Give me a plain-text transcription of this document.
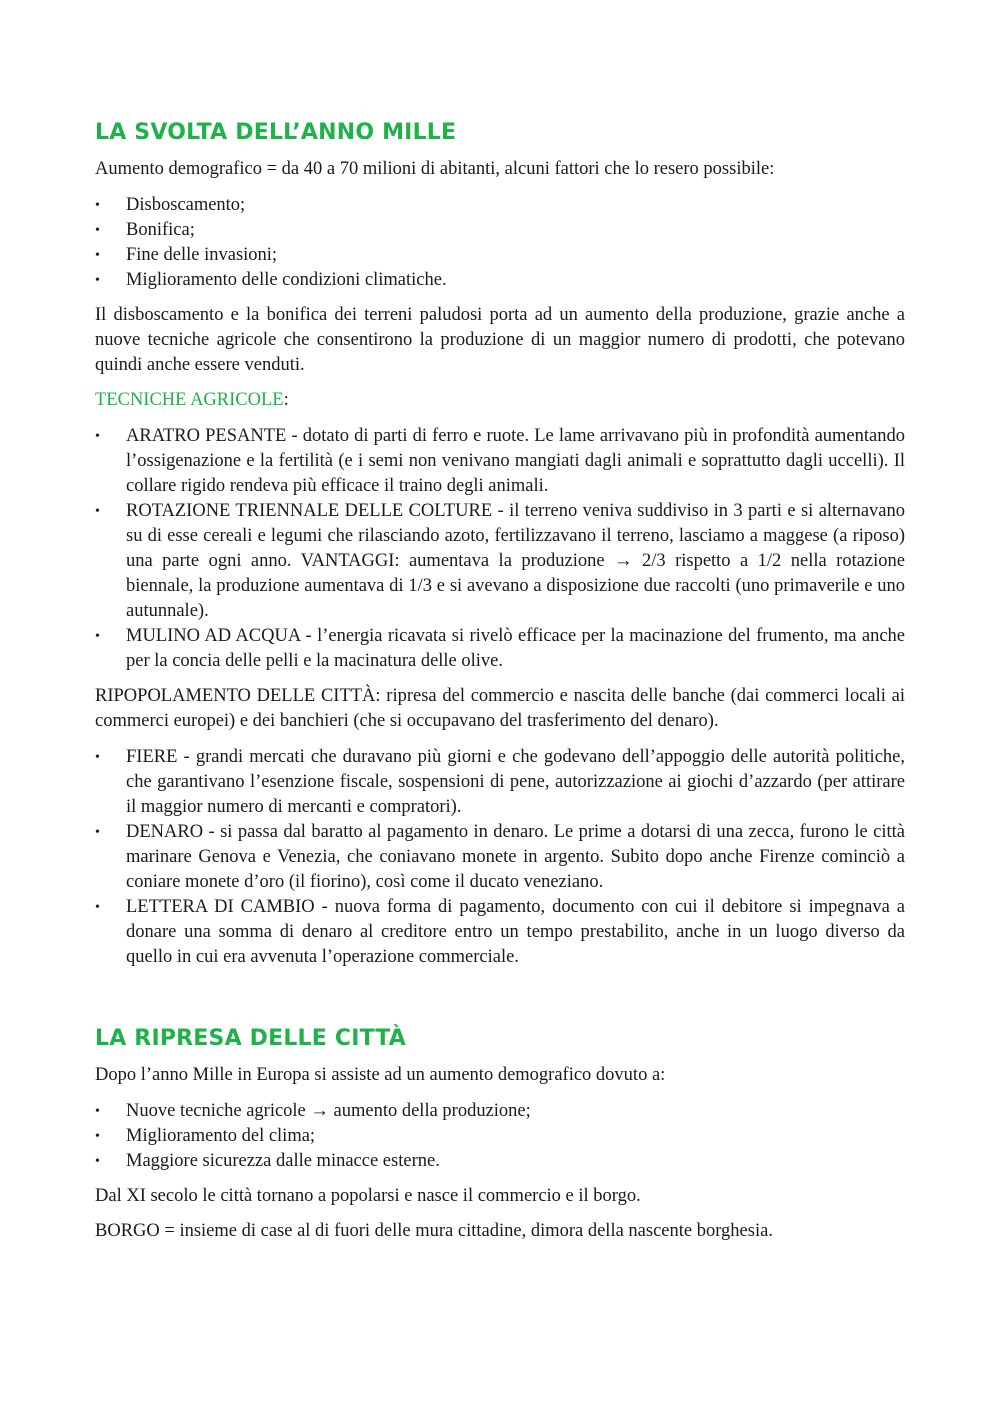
LA SVOLTA DELL’ANNO MILLE

Aumento demografico = da 40 a 70 milioni di abitanti, alcuni fattori che lo resero possibile:

• Disboscamento;
• Bonifica;
• Fine delle invasioni;
• Miglioramento delle condizioni climatiche.

Il disboscamento e la bonifica dei terreni paludosi porta ad un aumento della produzione, grazie anche a nuove tecniche agricole che consentirono la produzione di un maggior numero di prodotti, che potevano quindi anche essere venduti.

TECNICHE AGRICOLE:

• ARATRO PESANTE - dotato di parti di ferro e ruote. Le lame arrivavano più in profondità aumentando l’ossigenazione e la fertilità (e i semi non venivano mangiati dagli animali e soprattutto dagli uccelli). Il collare rigido rendeva più efficace il traino degli animali.
• ROTAZIONE TRIENNALE DELLE COLTURE - il terreno veniva suddiviso in 3 parti e si alternavano su di esse cereali e legumi che rilasciando azoto, fertilizzavano il terreno, lasciamo a maggese (a riposo) una parte ogni anno. VANTAGGI: aumentava la produzione → 2/3 rispetto a 1/2 nella rotazione biennale, la produzione aumentava di 1/3 e si avevano a disposizione due raccolti (uno primaverile e uno autunnale).
• MULINO AD ACQUA - l’energia ricavata si rivelò efficace per la macinazione del frumento, ma anche per la concia delle pelli e la macinatura delle olive.

RIPOPOLAMENTO DELLE CITTÀ: ripresa del commercio e nascita delle banche (dai commerci locali ai commerci europei) e dei banchieri (che si occupavano del trasferimento del denaro).

• FIERE - grandi mercati che duravano più giorni e che godevano dell’appoggio delle autorità politiche, che garantivano l’esenzione fiscale, sospensioni di pene, autorizzazione ai giochi d’azzardo (per attirare il maggior numero di mercanti e compratori).
• DENARO - si passa dal baratto al pagamento in denaro. Le prime a dotarsi di una zecca, furono le città marinare Genova e Venezia, che coniavano monete in argento. Subito dopo anche Firenze cominciò a coniare monete d’oro (il fiorino), così come il ducato veneziano.
• LETTERA DI CAMBIO - nuova forma di pagamento, documento con cui il debitore si impegnava a donare una somma di denaro al creditore entro un tempo prestabilito, anche in un luogo diverso da quello in cui era avvenuta l’operazione commerciale.
LA RIPRESA DELLE CITTÀ

Dopo l’anno Mille in Europa si assiste ad un aumento demografico dovuto a:

• Nuove tecniche agricole → aumento della produzione;
• Miglioramento del clima;
• Maggiore sicurezza dalle minacce esterne.

Dal XI secolo le città tornano a popolarsi e nasce il commercio e il borgo.

BORGO = insieme di case al di fuori delle mura cittadine, dimora della nascente borghesia.
